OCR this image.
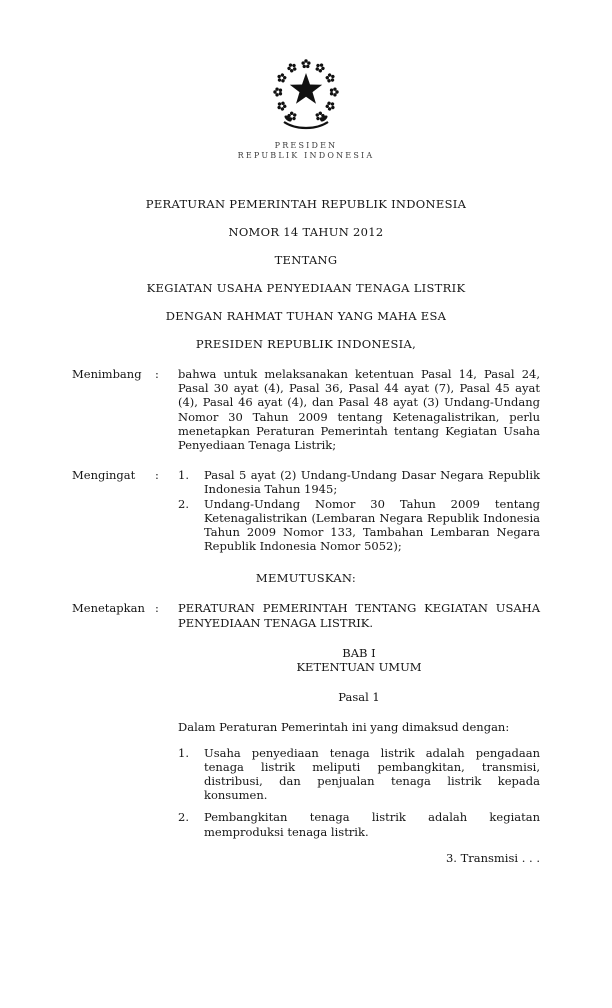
PRESIDEN
REPUBLIK INDONESIA
PERATURAN PEMERINTAH REPUBLIK INDONESIA
NOMOR 14 TAHUN 2012
TENTANG
KEGIATAN USAHA PENYEDIAAN TENAGA LISTRIK
DENGAN RAHMAT TUHAN YANG MAHA ESA
PRESIDEN REPUBLIK INDONESIA,
Menimbang	:	bahwa untuk melaksanakan ketentuan Pasal 14, Pasal 24, Pasal 30 ayat (4), Pasal 36, Pasal 44 ayat (7), Pasal 45 ayat (4), Pasal 46 ayat (4), dan Pasal 48 ayat (3) Undang-Undang Nomor 30 Tahun 2009 tentang Ketenagalistrikan, perlu menetapkan Peraturan Pemerintah tentang Kegiatan Usaha Penyediaan Tenaga Listrik;
Mengingat	:	1.	Pasal 5 ayat (2) Undang-Undang Dasar Negara Republik Indonesia Tahun 1945;
2.	Undang-Undang Nomor 30 Tahun 2009 tentang Ketenagalistrikan (Lembaran Negara Republik Indonesia Tahun 2009 Nomor 133, Tambahan Lembaran Negara Republik Indonesia Nomor 5052);
MEMUTUSKAN:
Menetapkan :	PERATURAN PEMERINTAH TENTANG KEGIATAN USAHA PENYEDIAAN TENAGA LISTRIK.
BAB I
KETENTUAN UMUM
Pasal 1
Dalam Peraturan Pemerintah ini yang dimaksud dengan:
1.	Usaha penyediaan tenaga listrik adalah pengadaan tenaga listrik meliputi pembangkitan, transmisi, distribusi, dan penjualan tenaga listrik kepada konsumen.
2.	Pembangkitan tenaga listrik adalah kegiatan memproduksi tenaga listrik.
3. Transmisi . . .
